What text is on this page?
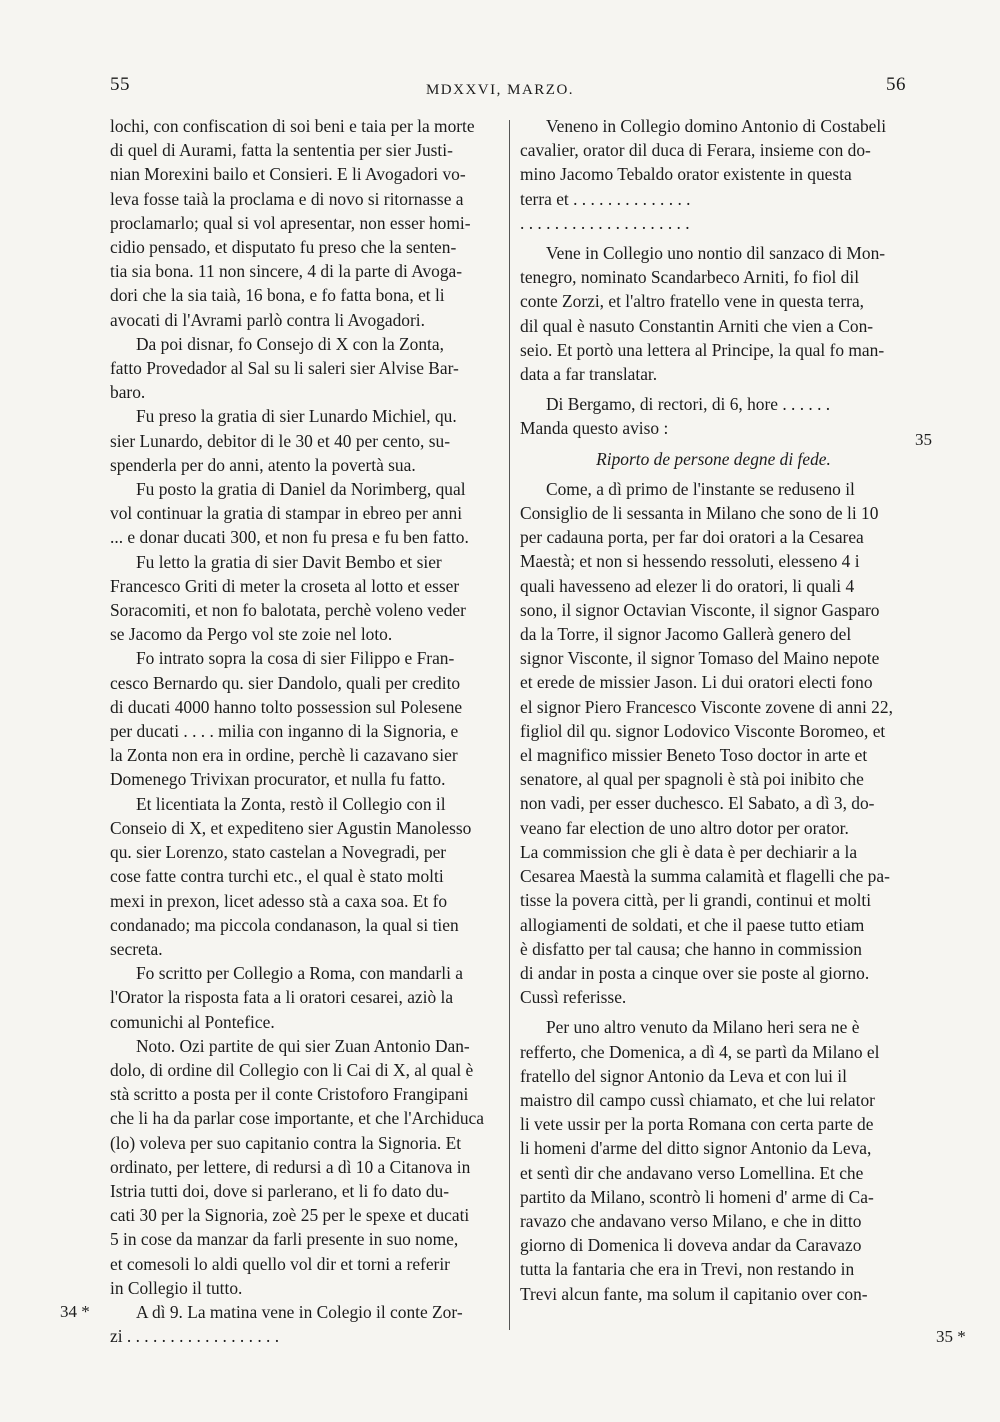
55	MDXXVI, MARZO.	56

lochi, con confiscation di soi beni e taia per la morte
di quel di Aurami, fatta la sententia per sier Justi-
nian Morexini bailo et Consieri. E li Avogadori vo-
leva fosse taià la proclama e di novo si ritornasse a
proclamarlo; qual si vol apresentar, non esser homi-
cidio pensado, et disputato fu preso che la senten-
tia sia bona. 11 non sincere, 4 di la parte di Avoga-
dori che la sia taià, 16 bona, e fo fatta bona, et li
avocati di l'Avrami parlò contra li Avogadori.

Da poi disnar, fo Consejo di X con la Zonta,
fatto Provedador al Sal su li saleri sier Alvise Bar-
baro.

Fu preso la gratia di sier Lunardo Michiel, qu.
sier Lunardo, debitor di le 30 et 40 per cento, su-
spenderla per do anni, atento la povertà sua.

Fu posto la gratia di Daniel da Norimberg, qual
vol continuar la gratia di stampar in ebreo per anni
... e donar ducati 300, et non fu presa e fu ben fatto.

Fu letto la gratia di sier Davit Bembo et sier
Francesco Griti di meter la croseta al lotto et esser
Soracomiti, et non fo balotata, perchè voleno veder
se Jacomo da Pergo vol ste zoie nel loto.

Fo intrato sopra la cosa di sier Filippo e Fran-
cesco Bernardo qu. sier Dandolo, quali per credito
di ducati 4000 hanno tolto possession sul Polesene
per ducati . . . . milia con inganno di la Signoria, e
la Zonta non era in ordine, perchè li cazavano sier
Domenego Trivixan procurator, et nulla fu fatto.

Et licentiata la Zonta, restò il Collegio con il
Conseio di X, et expediteno sier Agustin Manolesso
qu. sier Lorenzo, stato castelan a Novegradi, per
cose fatte contra turchi etc., el qual è stato molti
mexi in prexon, licet adesso stà a caxa soa. Et fo
condanado; ma piccola condanason, la qual si tien
secreta.

Fo scritto per Collegio a Roma, con mandarli a
l'Orator la risposta fata a li oratori cesarei, aziò la
comunichi al Pontefice.

Noto. Ozi partite de qui sier Zuan Antonio Dan-
dolo, di ordine dil Collegio con li Cai di X, al qual è
stà scritto a posta per il conte Cristoforo Frangipani
che li ha da parlar cose importante, et che l'Archiduca
(lo) voleva per suo capitanio contra la Signoria. Et
ordinato, per lettere, di redursi a dì 10 a Citanova in
Istria tutti doi, dove si parlerano, et li fo dato du-
cati 30 per la Signoria, zoè 25 per le spexe et ducati
5 in cose da manzar da farli presente in suo nome,
et comesoli lo aldi quello vol dir et torni a referir
in Collegio il tutto.

A dì 9. La matina vene in Colegio il conte Zor-
zi . . . . . . . . . . . . . . . . . .

Veneno in Collegio domino Antonio di Costabeli
cavalier, orator dil duca di Ferara, insieme con do-
mino Jacomo Tebaldo orator existente in questa
terra et . . . . . . . . . . . . . .
. . . . . . . . . . . . . . . . . . . .

Vene in Collegio uno nontio dil sanzaco di Mon-
tenegro, nominato Scandarbeco Arniti, fo fiol dil
conte Zorzi, et l'altro fratello vene in questa terra,
dil qual è nasuto Constantin Arniti che vien a Con-
seio. Et portò una lettera al Principe, la qual fo man-
data a far translatar.

Di Bergamo, di rectori, di 6, hore . . . . . .
Manda questo aviso :

Riporto de persone degne di fede.

Come, a dì primo de l'instante se reduseno il
Consiglio de li sessanta in Milano che sono de li 10
per cadauna porta, per far doi oratori a la Cesarea
Maestà; et non si hessendo ressoluti, elesseno 4 i
quali havesseno ad elezer li do oratori, li quali 4
sono, il signor Octavian Visconte, il signor Gasparo
da la Torre, il signor Jacomo Gallerà genero del
signor Visconte, il signor Tomaso del Maino nepote
et erede de missier Jason. Li dui oratori electi fono
el signor Piero Francesco Visconte zovene di anni 22,
figliol dil qu. signor Lodovico Visconte Boromeo, et
el magnifico missier Beneto Toso doctor in arte et
senatore, al qual per spagnoli è stà poi inibito che
non vadi, per esser duchesco. El Sabato, a dì 3, do-
veano far election de uno altro dotor per orator.
La commission che gli è data è per dechiarir a la
Cesarea Maestà la summa calamità et flagelli che pa-
tisse la povera città, per li grandi, continui et molti
allogiamenti de soldati, et che il paese tutto etiam
è disfatto per tal causa; che hanno in commission
di andar in posta a cinque over sie poste al giorno.
Cussì referisse.

Per uno altro venuto da Milano heri sera ne è
refferto, che Domenica, a dì 4, se partì da Milano el
fratello del signor Antonio da Leva et con lui il
maistro dil campo cussì chiamato, et che lui relator
li vete ussir per la porta Romana con certa parte de
li homeni d'arme del ditto signor Antonio da Leva,
et sentì dir che andavano verso Lomellina. Et che
partito da Milano, scontrò li homeni d' arme di Ca-
ravazo che andavano verso Milano, e che in ditto
giorno di Domenica li doveva andar da Caravazo
tutta la fantaria che era in Trevi, non restando in
Trevi alcun fante, ma solum il capitanio over con-

34 *
35
35 *
